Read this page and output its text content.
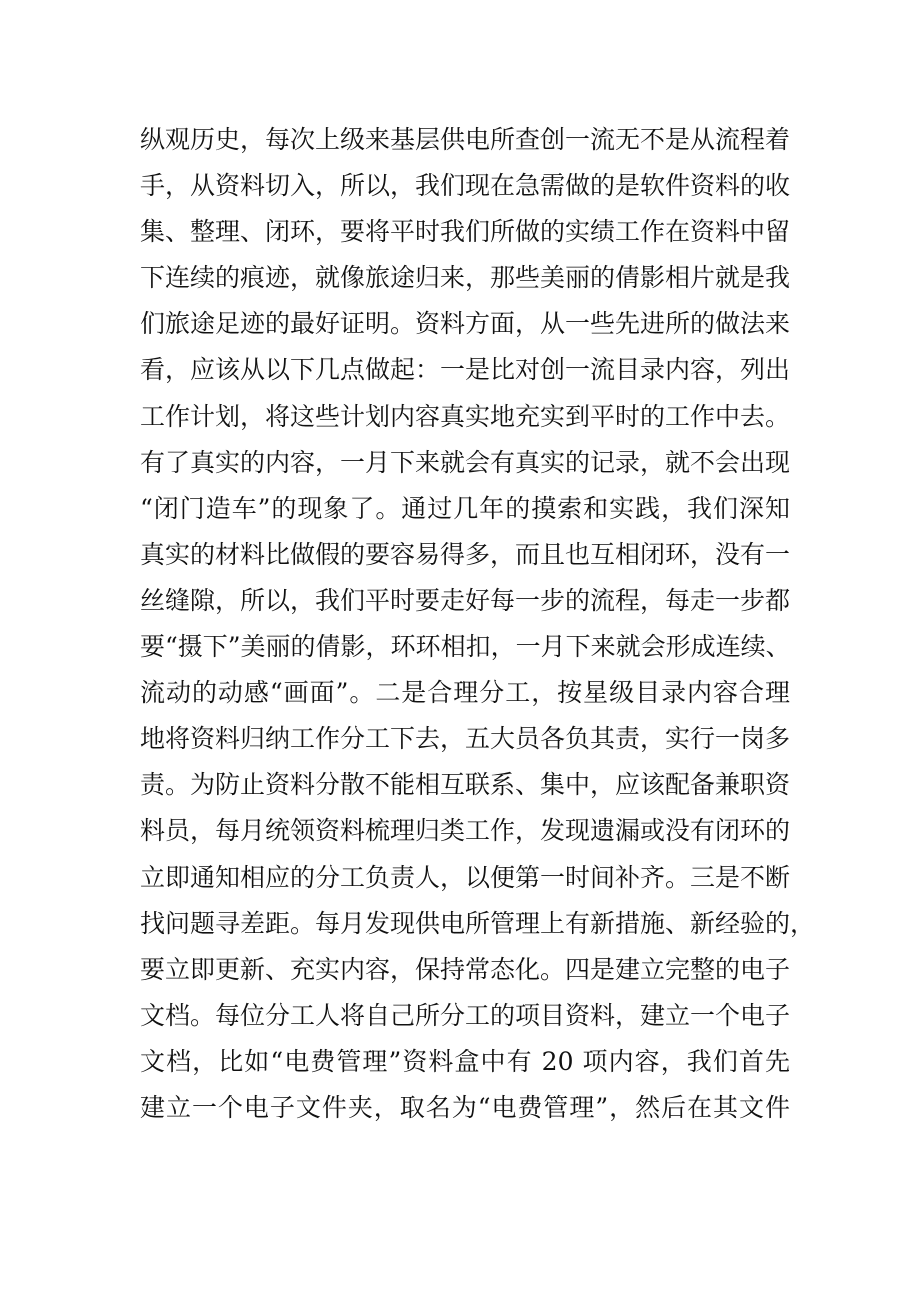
纵观历史，每次上级来基层供电所查创一流无不是从流程着
手，从资料切入，所以，我们现在急需做的是软件资料的收
集、整理、闭环，要将平时我们所做的实绩工作在资料中留
下连续的痕迹，就像旅途归来，那些美丽的倩影相片就是我
们旅途足迹的最好证明。资料方面，从一些先进所的做法来
看，应该从以下几点做起：一是比对创一流目录内容，列出
工作计划，将这些计划内容真实地充实到平时的工作中去。
有了真实的内容，一月下来就会有真实的记录，就不会出现
“闭门造车”的现象了。通过几年的摸索和实践，我们深知
真实的材料比做假的要容易得多，而且也互相闭环，没有一
丝缝隙，所以，我们平时要走好每一步的流程，每走一步都
要“摄下”美丽的倩影，环环相扣，一月下来就会形成连续、
流动的动感“画面”。二是合理分工，按星级目录内容合理
地将资料归纳工作分工下去，五大员各负其责，实行一岗多
责。为防止资料分散不能相互联系、集中，应该配备兼职资
料员，每月统领资料梳理归类工作，发现遗漏或没有闭环的
立即通知相应的分工负责人，以便第一时间补齐。三是不断
找问题寻差距。每月发现供电所管理上有新措施、新经验的，
要立即更新、充实内容，保持常态化。四是建立完整的电子
文档。每位分工人将自己所分工的项目资料，建立一个电子
文档，比如“电费管理”资料盒中有 20 项内容，我们首先
建立一个电子文件夹，取名为“电费管理”，然后在其文件
